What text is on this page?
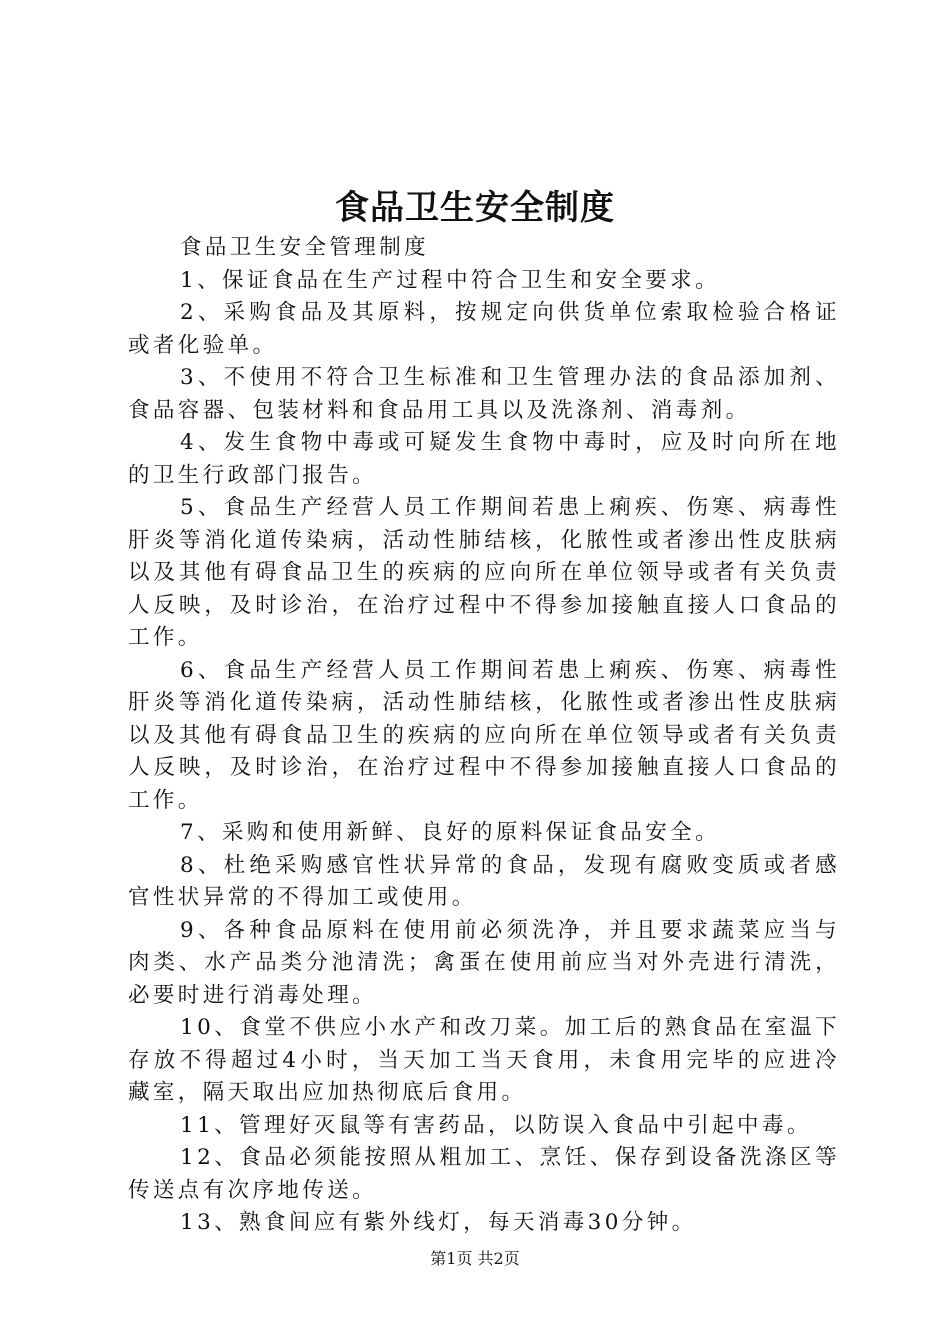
食品卫生安全制度

食品卫生安全管理制度

1、保证食品在生产过程中符合卫生和安全要求。

2、采购食品及其原料，按规定向供货单位索取检验合格证或者化验单。

3、不使用不符合卫生标准和卫生管理办法的食品添加剂、食品容器、包装材料和食品用工具以及洗涤剂、消毒剂。

4、发生食物中毒或可疑发生食物中毒时，应及时向所在地的卫生行政部门报告。

5、食品生产经营人员工作期间若患上痢疾、伤寒、病毒性肝炎等消化道传染病，活动性肺结核，化脓性或者渗出性皮肤病以及其他有碍食品卫生的疾病的应向所在单位领导或者有关负责人反映，及时诊治，在治疗过程中不得参加接触直接人口食品的工作。

6、食品生产经营人员工作期间若患上痢疾、伤寒、病毒性肝炎等消化道传染病，活动性肺结核，化脓性或者渗出性皮肤病以及其他有碍食品卫生的疾病的应向所在单位领导或者有关负责人反映，及时诊治，在治疗过程中不得参加接触直接人口食品的工作。

7、采购和使用新鲜、良好的原料保证食品安全。

8、杜绝采购感官性状异常的食品，发现有腐败变质或者感官性状异常的不得加工或使用。

9、各种食品原料在使用前必须洗净，并且要求蔬菜应当与肉类、水产品类分池清洗；禽蛋在使用前应当对外壳进行清洗，必要时进行消毒处理。

10、食堂不供应小水产和改刀菜。加工后的熟食品在室温下存放不得超过4小时，当天加工当天食用，未食用完毕的应进冷藏室，隔天取出应加热彻底后食用。

11、管理好灭鼠等有害药品，以防误入食品中引起中毒。

12、食品必须能按照从粗加工、烹饪、保存到设备洗涤区等传送点有次序地传送。

13、熟食间应有紫外线灯，每天消毒30分钟。

第1页 共2页
